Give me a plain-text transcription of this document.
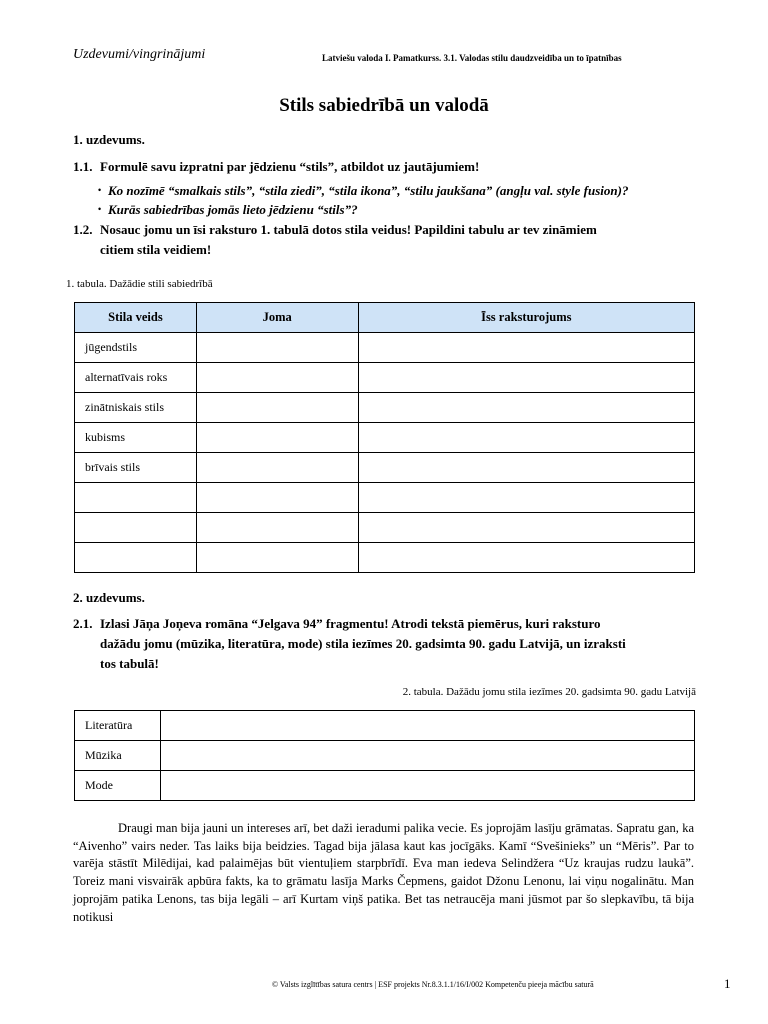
Uzdevumi/vingrinājumi	Latviešu valoda I. Pamatkurss. 3.1. Valodas stilu daudzveidība un to īpatnības
Stils sabiedrībā un valodā
1. uzdevums.
1.1. Formulē savu izpratni par jēdzienu “stils”, atbildot uz jautājumiem!
• Ko nozīmē “smalkais stils”, “stila ziedi”, “stila ikona”, “stilu jaukšana” (angļu val. style fusion)?
• Kurās sabiedrības jomās lieto jēdzienu “stils”?
1.2. Nosauc jomu un īsi raksturo 1. tabulā dotos stila veidus! Papildini tabulu ar tev zināmiem
citiem stila veidiem!
1. tabula. Dažādie stili sabiedrībā
Stila veids	Joma	Īss raksturojums
jūgendstils		
alternatīvais roks		
zinātniskais stils		
kubisms		
brīvais stils		

2. uzdevums.
2.1. Izlasi Jāņa Joņeva romāna “Jelgava 94” fragmentu! Atrodi tekstā piemērus, kuri raksturo
dažādu jomu (mūzika, literatūra, mode) stila iezīmes 20. gadsimta 90. gadu Latvijā, un izraksti
tos tabulā!
2. tabula. Dažādu jomu stila iezīmes 20. gadsimta 90. gadu Latvijā
Literatūra	
Mūzika	
Mode	
Draugi man bija jauni un intereses arī, bet daži ieradumi palika vecie. Es joprojām lasīju grāmatas. Sapratu gan, ka “Aivenho” vairs neder. Tas laiks bija beidzies. Tagad bija jālasa kaut kas jocīgāks. Kamī “Svešinieks” un “Mēris”. Par to varēja stāstīt Milēdijai, kad palaimējas būt vientuļiem starpbrīdī. Eva man iedeva Selindžera “Uz kraujas rudzu laukā”. Toreiz mani visvairāk apbūra fakts, ka to grāmatu lasīja Marks Čepmens, gaidot Džonu Lenonu, lai viņu nogalinātu. Man joprojām patika Lenons, tas bija legāli – arī Kurtam viņš patika. Bet tas netraucēja mani jūsmot par šo slepkavību, tā bija notikusi
© Valsts izglītības satura centrs | ESF projekts Nr.8.3.1.1/16/I/002 Kompetenču pieeja mācību saturā	1
